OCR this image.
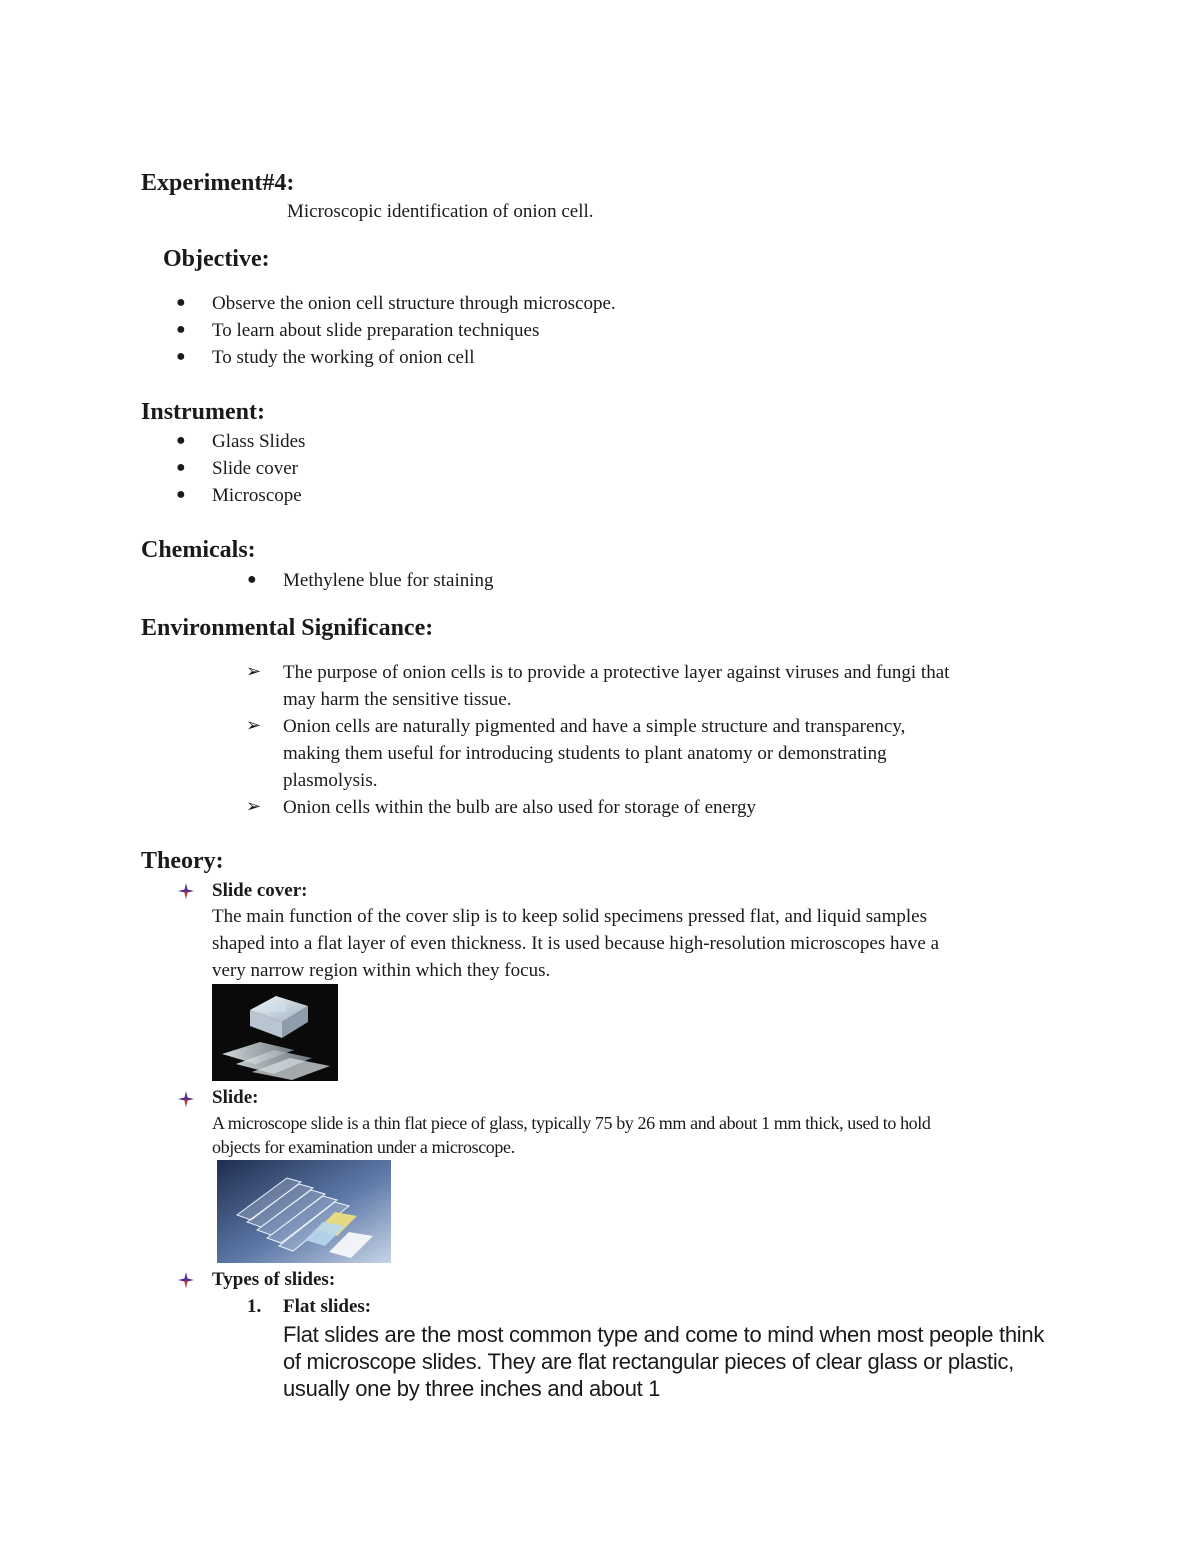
Experiment#4:
Microscopic identification of onion cell.
Objective:
● Observe the onion cell structure through microscope.
● To learn about slide preparation techniques
● To study the working of onion cell
Instrument:
● Glass Slides
● Slide cover
● Microscope
Chemicals:
● Methylene blue for staining
Environmental Significance:
➢ The purpose of onion cells is to provide a protective layer against viruses and fungi that
may harm the sensitive tissue.
➢ Onion cells are naturally pigmented and have a simple structure and transparency,
making them useful for introducing students to plant anatomy or demonstrating
plasmolysis.
➢ Onion cells within the bulb are also used for storage of energy
Theory:
Slide cover:
The main function of the cover slip is to keep solid specimens pressed flat, and liquid samples
shaped into a flat layer of even thickness. It is used because high-resolution microscopes have a
very narrow region within which they focus.
Slide:
A microscope slide is a thin flat piece of glass, typically 75 by 26 mm and about 1 mm thick, used to hold
objects for examination under a microscope.
Types of slides:
1. Flat slides:
Flat slides are the most common type and come to mind when most people think
of microscope slides. They are flat rectangular pieces of clear glass or plastic,
usually one by three inches and about 1
